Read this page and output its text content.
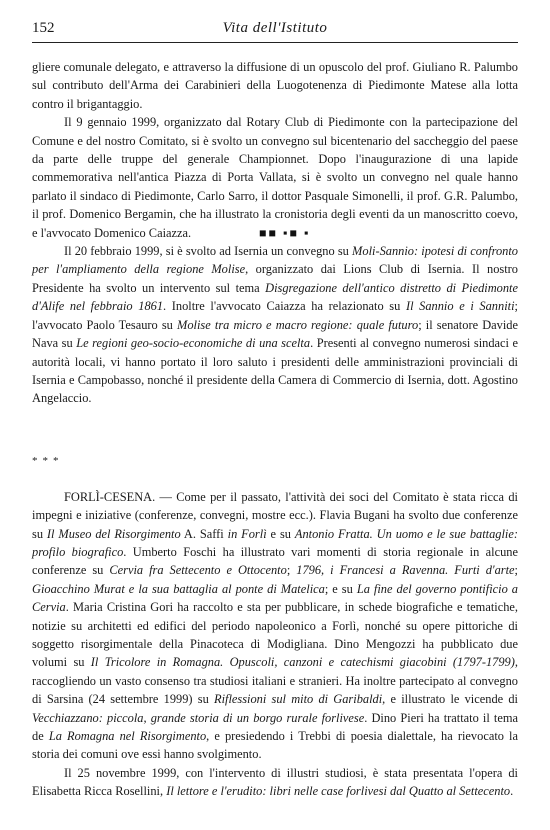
152	Vita dell'Istituto

gliere comunale delegato, e attraverso la diffusione di un opuscolo del prof. Giuliano R. Palumbo sul contributo dell'Arma dei Carabinieri della Luogotenenza di Piedimonte Matese alla lotta contro il brigantaggio.

Il 9 gennaio 1999, organizzato dal Rotary Club di Piedimonte con la partecipazione del Comune e del nostro Comitato, si è svolto un convegno sul bicentenario del saccheggio del paese da parte delle truppe del generale Championnet. Dopo l'inaugurazione di una lapide commemorativa nell'antica Piazza di Porta Vallata, si è svolto un convegno nel quale hanno parlato il sindaco di Piedimonte, Carlo Sarro, il dottor Pasquale Simonelli, il prof. G.R. Palumbo, il prof. Domenico Bergamin, che ha illustrato la cronistoria degli eventi da un manoscritto coevo, e l'avvocato Domenico Caiazza.	■■ ▪■ ▪

Il 20 febbraio 1999, si è svolto ad Isernia un convegno su Moli-Sannio: ipotesi di confronto per l'ampliamento della regione Molise, organizzato dai Lions Club di Isernia. Il nostro Presidente ha svolto un intervento sul tema Disgregazione dell'antico distretto di Piedimonte d'Alife nel febbraio 1861. Inoltre l'avvocato Caiazza ha relazionato su Il Sannio e i Sanniti; l'avvocato Paolo Tesauro su Molise tra micro e macro regione: quale futuro; il senatore Davide Nava su Le regioni geo-socio-economiche di una scelta. Presenti al convegno numerosi sindaci e autorità locali, vi hanno portato il loro saluto i presidenti delle amministrazioni provinciali di Isernia e Campobasso, nonché il presidente della Camera di Commercio di Isernia, dott. Agostino Angelaccio.

***

FORLÌ-CESENA. — Come per il passato, l'attività dei soci del Comitato è stata ricca di impegni e iniziative (conferenze, convegni, mostre ecc.). Flavia Bugani ha svolto due conferenze su Il Museo del Risorgimento A. Saffi in Forlì e su Antonio Fratta. Un uomo e le sue battaglie: profilo biografico. Umberto Foschi ha illustrato vari momenti di storia regionale in alcune conferenze su Cervia fra Settecento e Ottocento; 1796, i Francesi a Ravenna. Furti d'arte; Gioacchino Murat e la sua battaglia al ponte di Matelica; e su La fine del governo pontificio a Cervia. Maria Cristina Gori ha raccolto e sta per pubblicare, in schede biografiche e tematiche, notizie su architetti ed edifici del periodo napoleonico a Forlì, nonché su opere pittoriche di soggetto risorgimentale della Pinacoteca di Modigliana. Dino Mengozzi ha pubblicato due volumi su Il Tricolore in Romagna. Opuscoli, canzoni e catechismi giacobini (1797-1799), raccogliendo un vasto consenso tra studiosi italiani e stranieri. Ha inoltre partecipato al convegno di Sarsina (24 settembre 1999) su Riflessioni sul mito di Garibaldi, e illustrato le vicende di Vecchiazzano: piccola, grande storia di un borgo rurale forlivese. Dino Pieri ha trattato il tema de La Romagna nel Risorgimento, e presiedendo i Trebbi di poesia dialettale, ha rievocato la storia dei comuni ove essi hanno svolgimento.

Il 25 novembre 1999, con l'intervento di illustri studiosi, è stata presentata l'opera di Elisabetta Ricca Rosellini, Il lettore e l'erudito: libri nelle case forlivesi dal Quatto al Settecento.
